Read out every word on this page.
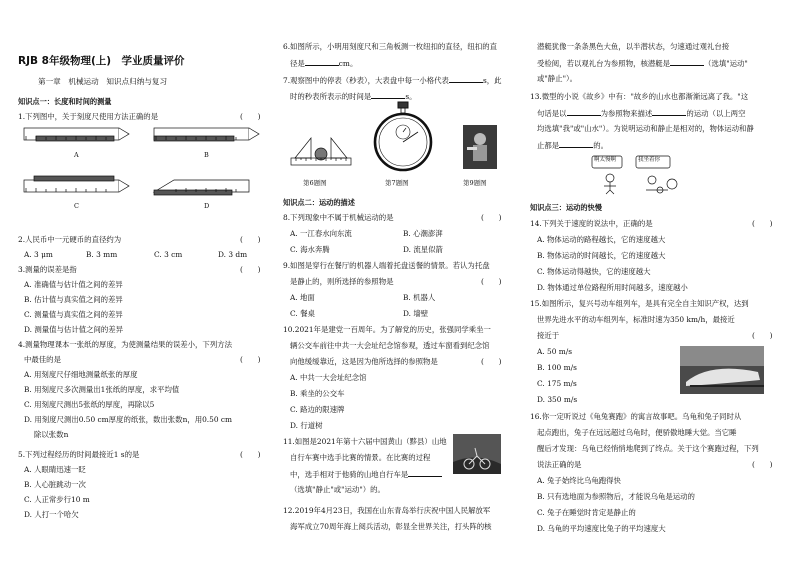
RJB 8年级物理(上)　学业质量评价
第一章　机械运动　知识点归纳与复习
知识点一：长度和时间的测量
1.下列图中，关于刻度尺使用方法正确的是	(　　)
A	B
C	D
2.人民币中一元硬币的直径约为	(　　)
A. 3 μm	B. 3 mm	C. 3 cm	D. 3 dm
3.测量的误差是指	(　　)
A. 准确值与估计值之间的差异
B. 估计值与真实值之间的差异
C. 测量值与真实值之间的差异
D. 测量值与估计值之间的差异
4.测量物理课本一张纸的厚度，为使测量结果的误差小，下列方法
中最佳的是	(　　)
A. 用刻度尺仔细地测量纸张的厚度
B. 用刻度尺多次测量出1张纸的厚度，求平均值
C. 用刻度尺测出5张纸的厚度，再除以5
D. 用刻度尺测出0.50 cm厚度的纸张，数出张数n，用0.50 cm
除以张数n
5.下列过程经历的时间最接近1 s的是	(　　)
A. 人眼睛迅速一眨
B. 人心脏跳动一次
C. 人正常步行10 m
D. 人打一个哈欠
6.如图所示，小明用刻度尺和三角板测一枚纽扣的直径，纽扣的直
径是	cm。
7.观察图中的停表（秒表），大表盘中每一小格代表	s，此
时的秒表所表示的时间是	s。
第6题图	第7题图	第9题图
知识点二：运动的描述
8.下列现象中不属于机械运动的是	(　　)
A. 一江春水向东流	B. 心潮澎湃
C. 海水奔腾	D. 流星似箭
9.如图是穿行在餐厅的机器人端着托盘送餐的情景。若认为托盘
是静止的，则所选择的参照物是	(　　)
A. 地面	B. 机器人
C. 餐桌	D. 墙壁
10.2021年是建党一百周年。为了解党的历史，张强同学乘坐一
辆公交车前往中共一大会址纪念馆参观，透过车窗看到纪念馆
向他缓缓靠近，这是因为他所选择的参照物是	(　　)
A. 中共一大会址纪念馆
B. 乘坐的公交车
C. 路边的限速牌
D. 行道树
11.如图是2021年第十六届中国黄山（黟县）山地
自行车赛中选手比赛的情景。在比赛的过程
中，选手相对于他骑的山地自行车是
（选填"静止"或"运动"）的。
12.2019年4月23日，我国在山东青岛举行庆祝中国人民解放军
海军成立70周年海上阅兵活动，彰显全世界关注，打头阵的核
潜艇犹像一条条黑色大鱼，以半潜状态，匀速通过观礼台接
受检阅，若以观礼台为参照物，核潜艇是	（选填"运动"
或"静止"）。
13.微型的小说《故乡》中有："故乡的山水也都渐渐远离了我。"这
句话是以	为参照物来描述	的运动（以上两空
均选填"我"或"山水"）。为说明运动和静止是相对的，物体运动和静
止都是	的。
啊太慢啊	我坐着你
知识点三：运动的快慢
14.下列关于速度的说法中，正确的是	(　　)
A. 物体运动的路程越长，它的速度越大
B. 物体运动的时间越长，它的速度越大
C. 物体运动得越快，它的速度越大
D. 物体通过单位路程所用时间越多，速度越小
15.如图所示，复兴号动车组列车，是具有完全自主知识产权，达到
世界先进水平的动车组列车，标准时速为350 km/h，最接近
接近于	(　　)
A. 50 m/s
B. 100 m/s
C. 175 m/s
D. 350 m/s
16.你一定听说过《龟兔赛跑》的寓言故事吧。乌龟和兔子同时从
起点跑出，兔子在远远超过乌龟时，便骄傲地睡大觉。当它睡
醒后才发现：乌龟已经悄悄地爬到了终点。关于这个赛跑过程，下列
说法正确的是	(　　)
A. 兔子始终比乌龟跑得快
B. 只有选地面为参照物后，才能说乌龟是运动的
C. 兔子在睡觉时肯定是静止的
D. 乌龟的平均速度比兔子的平均速度大
